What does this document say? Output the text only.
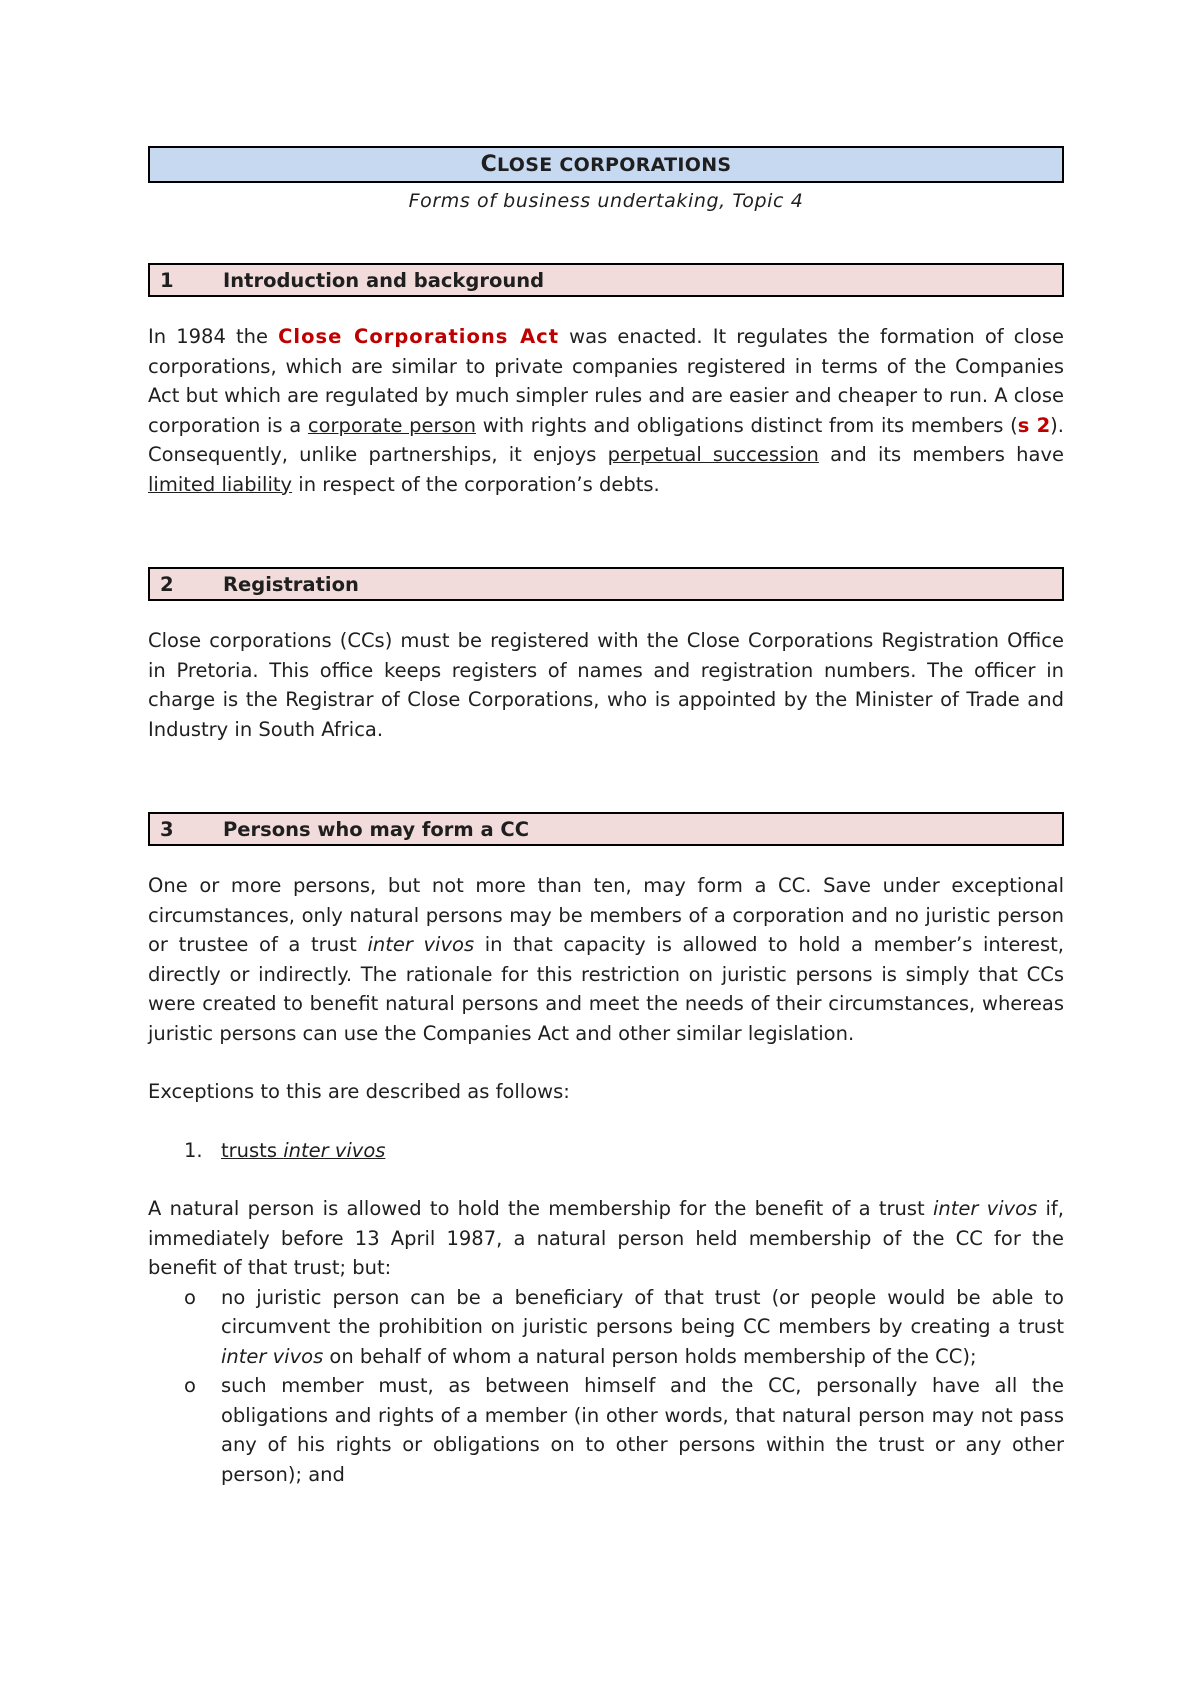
C LOSE CORPORATIONS
Forms of business undertaking, Topic 4
1	Introduction and background

In 1984 the Close Corporations Act was enacted. It regulates the formation of close corporations, which are similar to private companies registered in terms of the Companies Act but which are regulated by much simpler rules and are easier and cheaper to run. A close corporation is a corporate person with rights and obligations distinct from its members (s 2). Consequently, unlike partnerships, it enjoys perpetual succession and its members have limited liability in respect of the corporation’s debts.

2	Registration

Close corporations (CCs) must be registered with the Close Corporations Registration Office in Pretoria. This office keeps registers of names and registration numbers. The officer in charge is the Registrar of Close Corporations, who is appointed by the Minister of Trade and Industry in South Africa.

3	Persons who may form a CC

One or more persons, but not more than ten, may form a CC. Save under exceptional circumstances, only natural persons may be members of a corporation and no juristic person or trustee of a trust inter vivos in that capacity is allowed to hold a member’s interest, directly or indirectly. The rationale for this restriction on juristic persons is simply that CCs were created to benefit natural persons and meet the needs of their circumstances, whereas juristic persons can use the Companies Act and other similar legislation.

Exceptions to this are described as follows:

1. trusts inter vivos

A natural person is allowed to hold the membership for the benefit of a trust inter vivos if, immediately before 13 April 1987, a natural person held membership of the CC for the benefit of that trust; but:

o	no juristic person can be a beneficiary of that trust (or people would be able to circumvent the prohibition on juristic persons being CC members by creating a trust inter vivos on behalf of whom a natural person holds membership of the CC);
o	such member must, as between himself and the CC, personally have all the obligations and rights of a member (in other words, that natural person may not pass any of his rights or obligations on to other persons within the trust or any other person); and
